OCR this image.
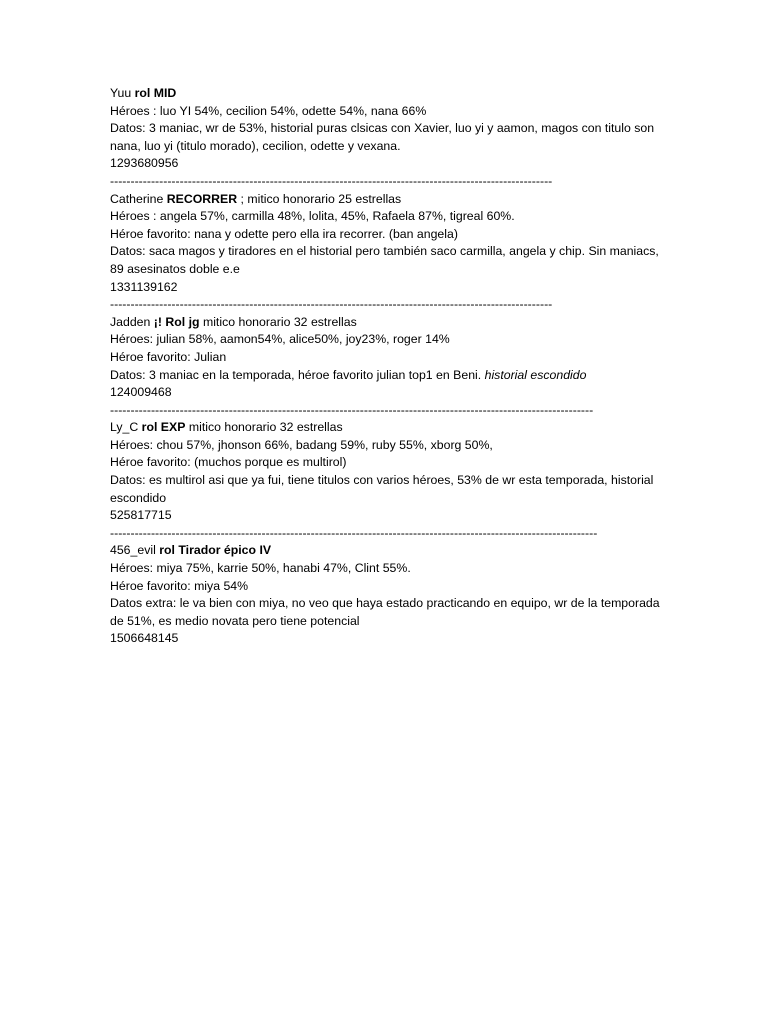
Yuu rol MID
Héroes : luo YI 54%, cecilion 54%, odette 54%, nana 66%
Datos: 3 maniac, wr de 53%, historial puras clsicas con Xavier, luo yi y aamon, magos con titulo son nana, luo yi (titulo morado), cecilion, odette y vexana.
1293680956
------------------------------------------------------------------------------------------------------------
Catherine RECORRER ; mitico honorario 25 estrellas
Héroes : angela 57%, carmilla 48%, lolita, 45%, Rafaela 87%, tigreal 60%.
Héroe favorito: nana y odette pero ella ira recorrer. (ban angela)
Datos: saca magos y tiradores en el historial pero también saco carmilla, angela y chip. Sin maniacs, 89 asesinatos doble e.e
1331139162
------------------------------------------------------------------------------------------------------------
Jadden ¡! Rol jg mitico honorario 32 estrellas
Héroes: julian 58%, aamon54%, alice50%, joy23%, roger 14%
Héroe favorito: Julian
Datos: 3 maniac en la temporada, héroe favorito julian top1 en Beni. historial escondido
124009468
----------------------------------------------------------------------------------------------------------------------
Ly_C rol EXP mitico honorario 32 estrellas
Héroes: chou 57%, jhonson 66%, badang 59%, ruby 55%, xborg 50%,
Héroe favorito: (muchos porque es multirol)
Datos: es multirol asi que ya fui, tiene titulos con varios héroes, 53% de wr esta temporada, historial escondido
525817715
-----------------------------------------------------------------------------------------------------------------------
456_evil rol Tirador épico IV
Héroes: miya 75%, karrie 50%, hanabi 47%, Clint 55%.
Héroe favorito: miya 54%
Datos extra: le va bien con miya, no veo que haya estado practicando en equipo, wr de la temporada de 51%, es medio novata pero tiene potencial
1506648145
